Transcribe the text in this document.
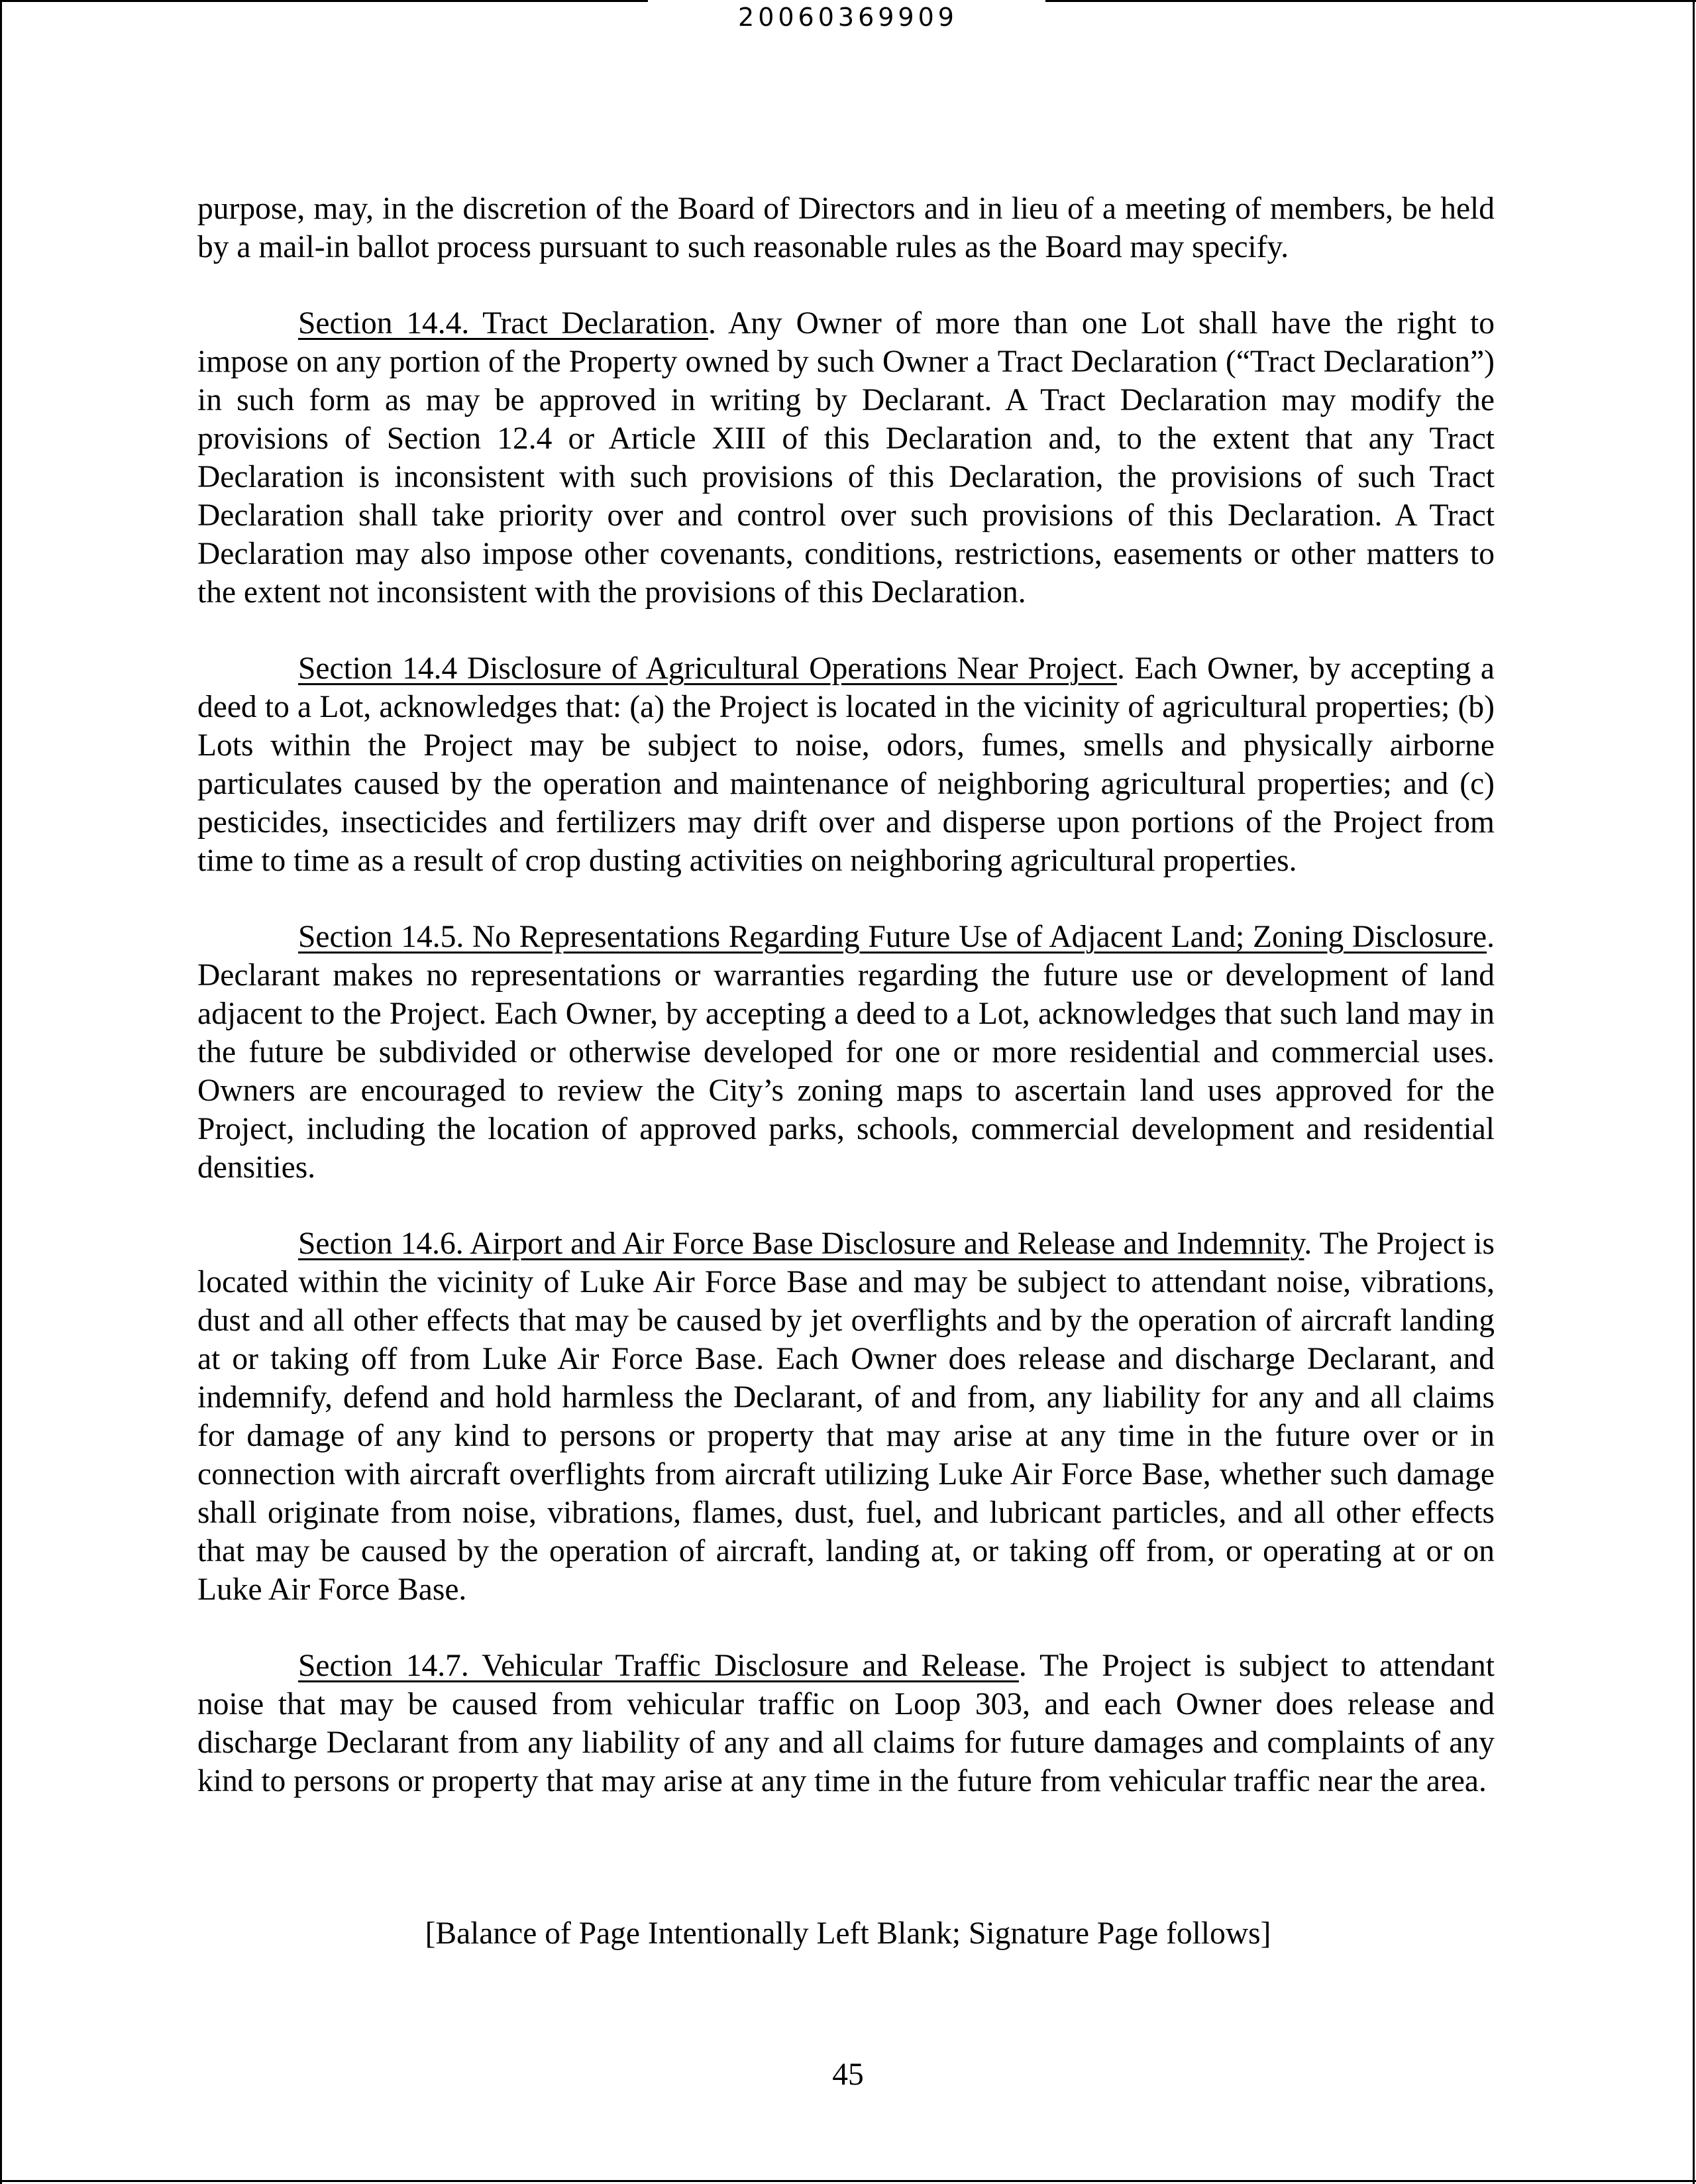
20060369909

purpose, may, in the discretion of the Board of Directors and in lieu of a meeting of members, be held by a mail-in ballot process pursuant to such reasonable rules as the Board may specify.

Section 14.4. Tract Declaration. Any Owner of more than one Lot shall have the right to impose on any portion of the Property owned by such Owner a Tract Declaration (“Tract Declaration”) in such form as may be approved in writing by Declarant. A Tract Declaration may modify the provisions of Section 12.4 or Article XIII of this Declaration and, to the extent that any Tract Declaration is inconsistent with such provisions of this Declaration, the provisions of such Tract Declaration shall take priority over and control over such provisions of this Declaration. A Tract Declaration may also impose other covenants, conditions, restrictions, easements or other matters to the extent not inconsistent with the provisions of this Declaration.

Section 14.4 Disclosure of Agricultural Operations Near Project. Each Owner, by accepting a deed to a Lot, acknowledges that: (a) the Project is located in the vicinity of agricultural properties; (b) Lots within the Project may be subject to noise, odors, fumes, smells and physically airborne particulates caused by the operation and maintenance of neighboring agricultural properties; and (c) pesticides, insecticides and fertilizers may drift over and disperse upon portions of the Project from time to time as a result of crop dusting activities on neighboring agricultural properties.

Section 14.5. No Representations Regarding Future Use of Adjacent Land; Zoning Disclosure. Declarant makes no representations or warranties regarding the future use or development of land adjacent to the Project. Each Owner, by accepting a deed to a Lot, acknowledges that such land may in the future be subdivided or otherwise developed for one or more residential and commercial uses. Owners are encouraged to review the City’s zoning maps to ascertain land uses approved for the Project, including the location of approved parks, schools, commercial development and residential densities.

Section 14.6. Airport and Air Force Base Disclosure and Release and Indemnity. The Project is located within the vicinity of Luke Air Force Base and may be subject to attendant noise, vibrations, dust and all other effects that may be caused by jet overflights and by the operation of aircraft landing at or taking off from Luke Air Force Base. Each Owner does release and discharge Declarant, and indemnify, defend and hold harmless the Declarant, of and from, any liability for any and all claims for damage of any kind to persons or property that may arise at any time in the future over or in connection with aircraft overflights from aircraft utilizing Luke Air Force Base, whether such damage shall originate from noise, vibrations, flames, dust, fuel, and lubricant particles, and all other effects that may be caused by the operation of aircraft, landing at, or taking off from, or operating at or on Luke Air Force Base.

Section 14.7. Vehicular Traffic Disclosure and Release. The Project is subject to attendant noise that may be caused from vehicular traffic on Loop 303, and each Owner does release and discharge Declarant from any liability of any and all claims for future damages and complaints of any kind to persons or property that may arise at any time in the future from vehicular traffic near the area.

[Balance of Page Intentionally Left Blank; Signature Page follows]
45
